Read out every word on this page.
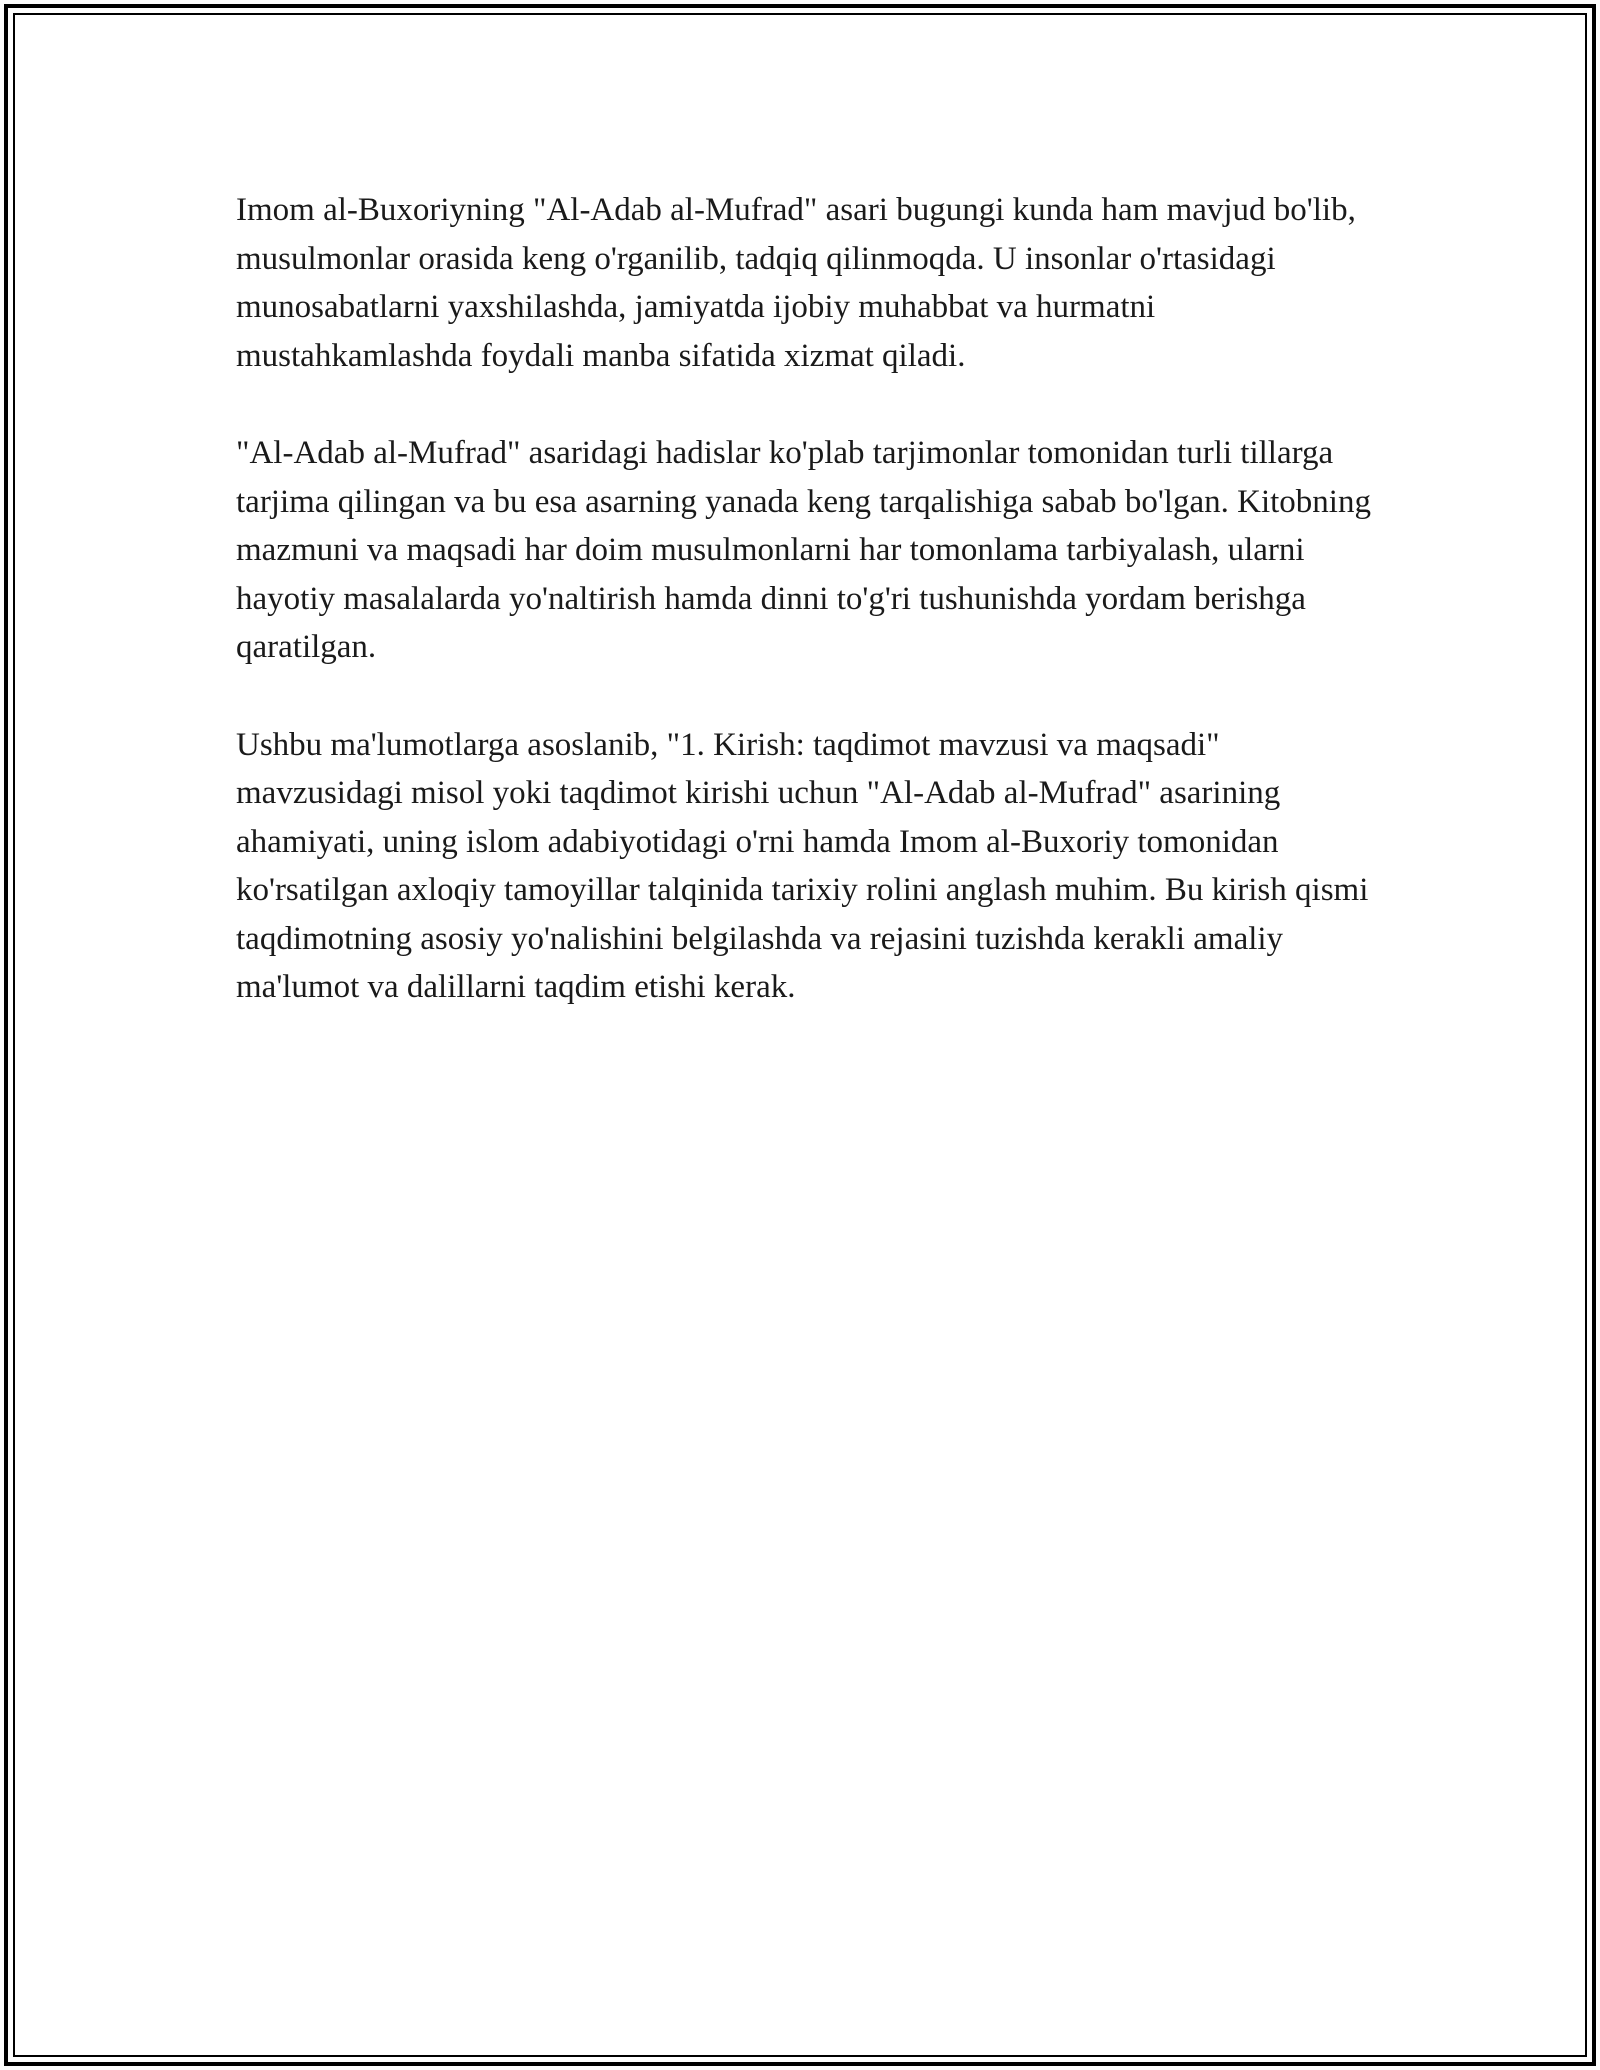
Imom al-Buxoriyning "Al-Adab al-Mufrad" asari bugungi kunda ham mavjud bo'lib, musulmonlar orasida keng o'rganilib, tadqiq qilinmoqda. U insonlar o'rtasidagi munosabatlarni yaxshilashda, jamiyatda ijobiy muhabbat va hurmatni mustahkamlashda foydali manba sifatida xizmat qiladi.

"Al-Adab al-Mufrad" asaridagi hadislar ko'plab tarjimonlar tomonidan turli tillarga tarjima qilingan va bu esa asarning yanada keng tarqalishiga sabab bo'lgan. Kitobning mazmuni va maqsadi har doim musulmonlarni har tomonlama tarbiyalash, ularni hayotiy masalalarda yo'naltirish hamda dinni to'g'ri tushunishda yordam berishga qaratilgan.

Ushbu ma'lumotlarga asoslanib, "1. Kirish: taqdimot mavzusi va maqsadi" mavzusidagi misol yoki taqdimot kirishi uchun "Al-Adab al-Mufrad" asarining ahamiyati, uning islom adabiyotidagi o'rni hamda Imom al-Buxoriy tomonidan ko'rsatilgan axloqiy tamoyillar talqinida tarixiy rolini anglash muhim. Bu kirish qismi taqdimotning asosiy yo'nalishini belgilashda va rejasini tuzishda kerakli amaliy ma'lumot va dalillarni taqdim etishi kerak.
